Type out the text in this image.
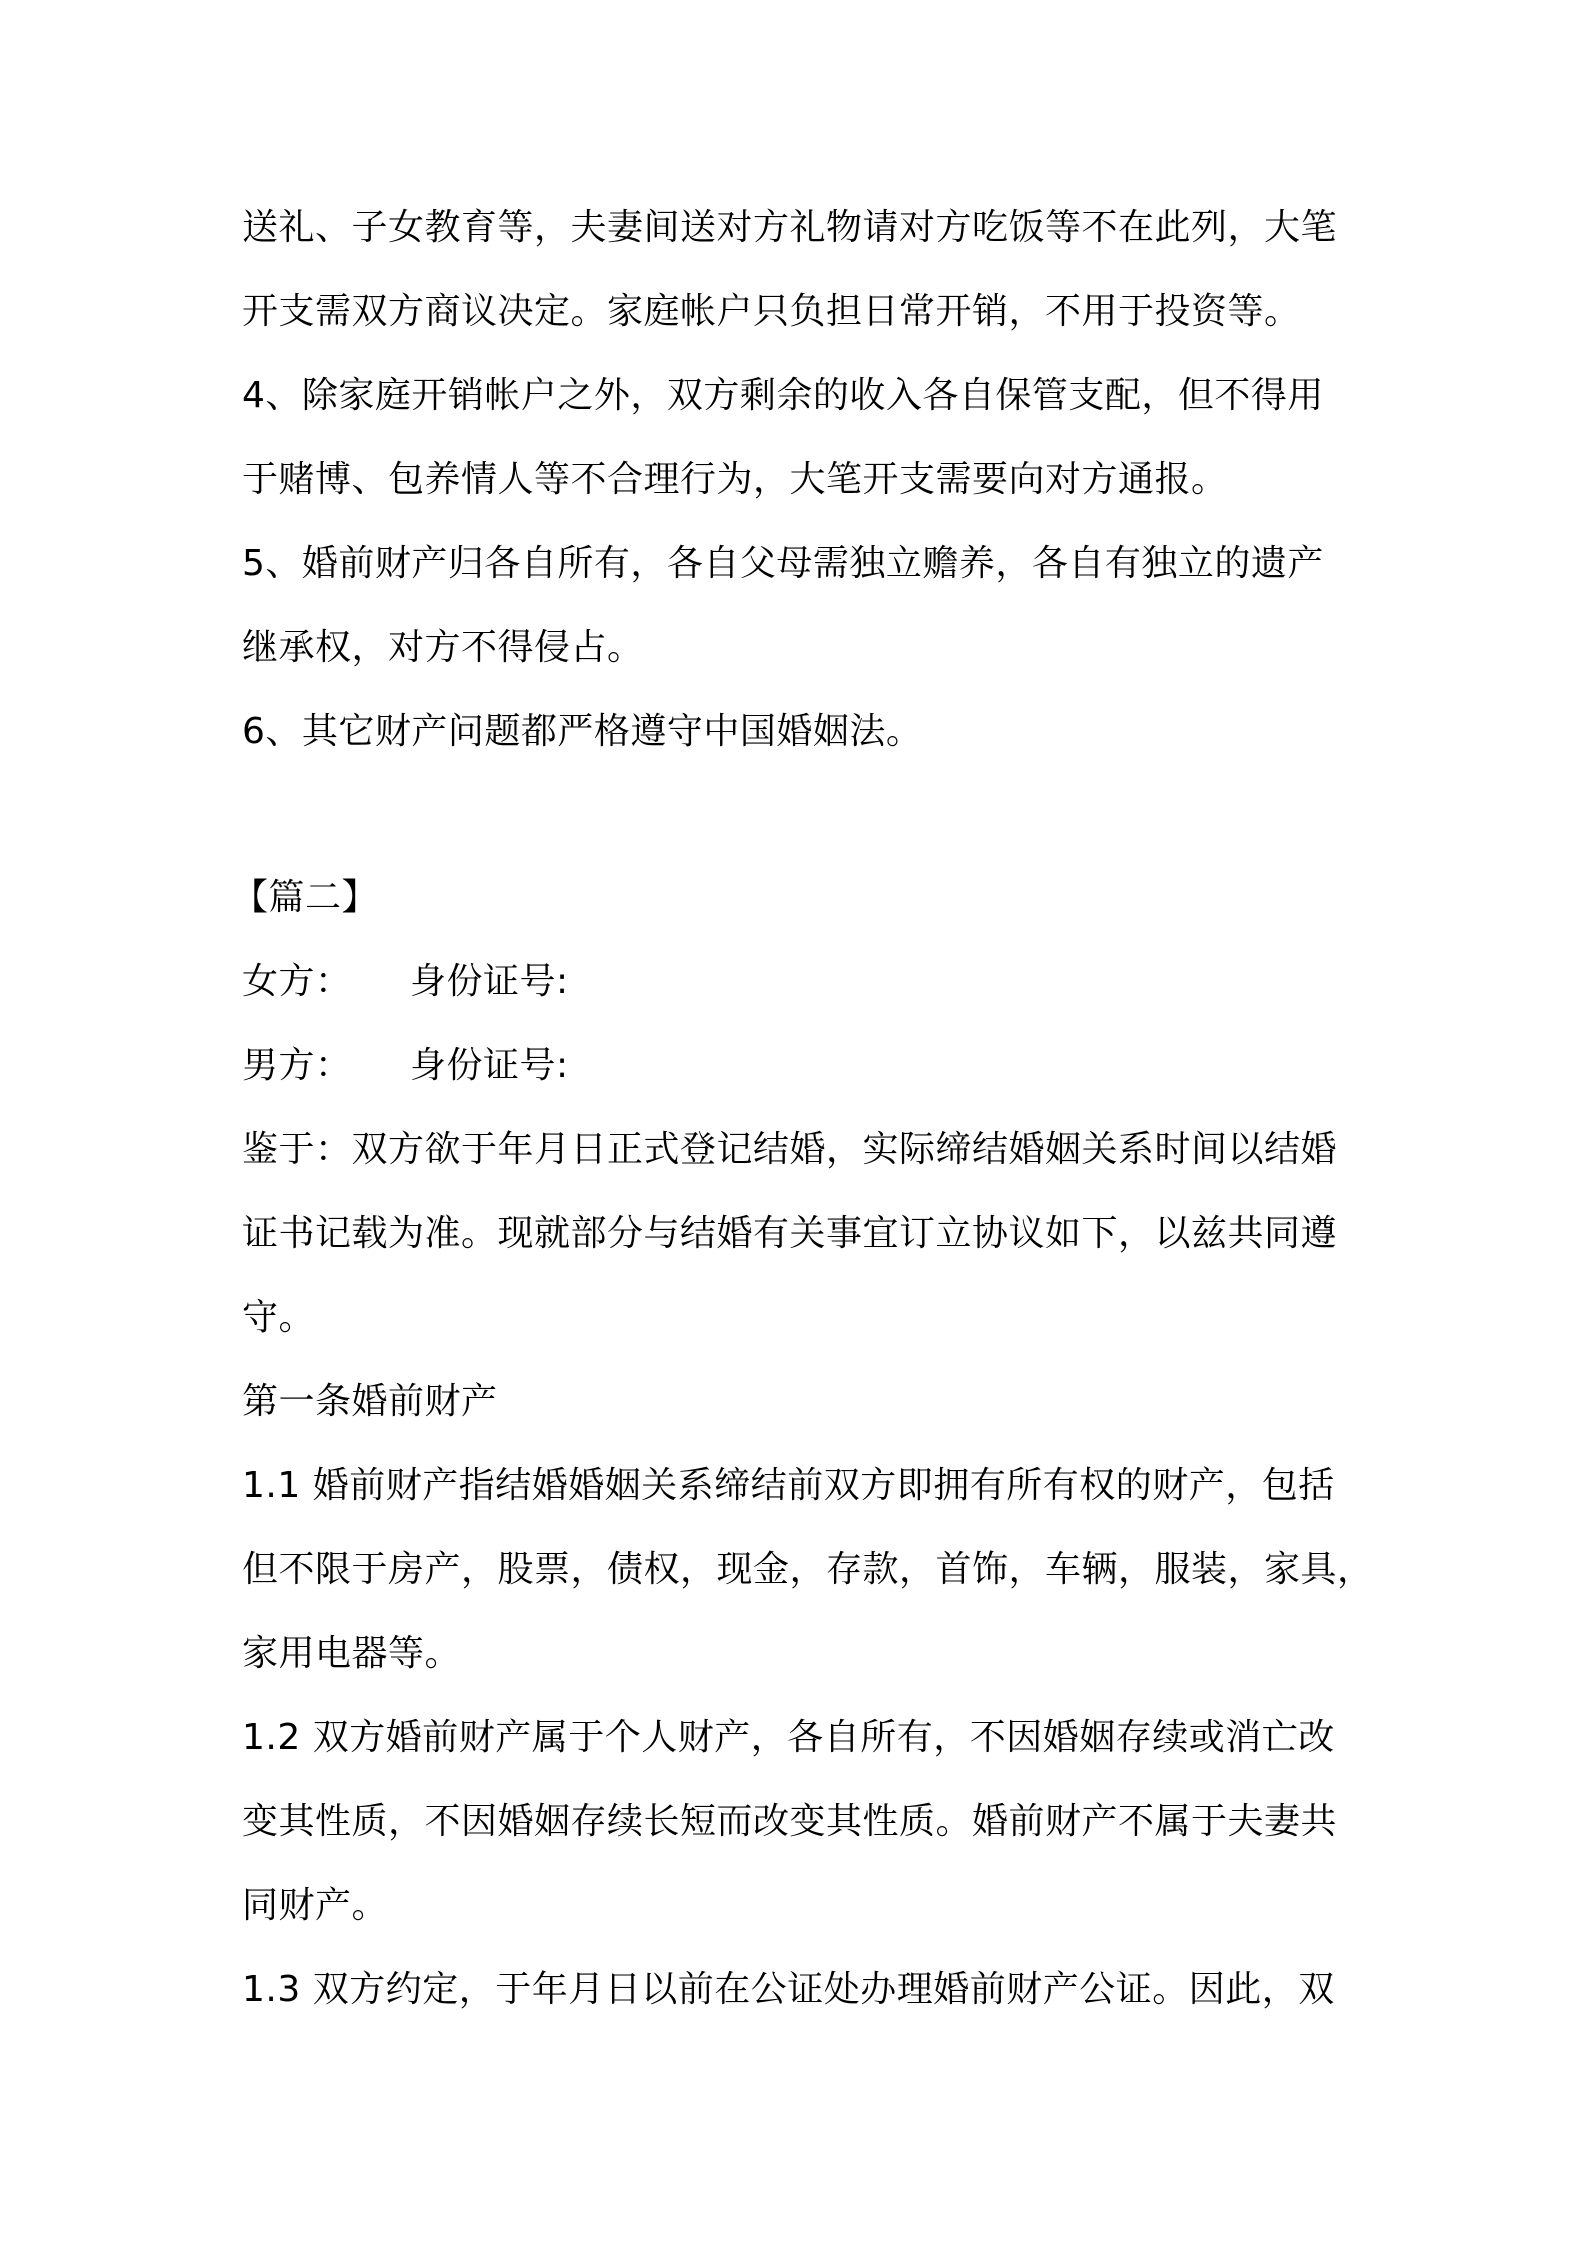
送礼、子女教育等，夫妻间送对方礼物请对方吃饭等不在此列，大笔
开支需双方商议决定。家庭帐户只负担日常开销，不用于投资等。
4、除家庭开销帐户之外，双方剩余的收入各自保管支配，但不得用
于赌博、包养情人等不合理行为，大笔开支需要向对方通报。
5、婚前财产归各自所有，各自父母需独立赡养，各自有独立的遗产
继承权，对方不得侵占。
6、其它财产问题都严格遵守中国婚姻法。
【篇二】
女方： 身份证号:
男方： 身份证号:
鉴于：双方欲于年月日正式登记结婚，实际缔结婚姻关系时间以结婚
证书记载为准。现就部分与结婚有关事宜订立协议如下，以兹共同遵
守。
第一条婚前财产
1.1 婚前财产指结婚婚姻关系缔结前双方即拥有所有权的财产，包括
但不限于房产，股票，债权，现金，存款，首饰，车辆，服装，家具，
家用电器等。
1.2 双方婚前财产属于个人财产，各自所有，不因婚姻存续或消亡改
变其性质，不因婚姻存续长短而改变其性质。婚前财产不属于夫妻共
同财产。
1.3 双方约定，于年月日以前在公证处办理婚前财产公证。因此，双
